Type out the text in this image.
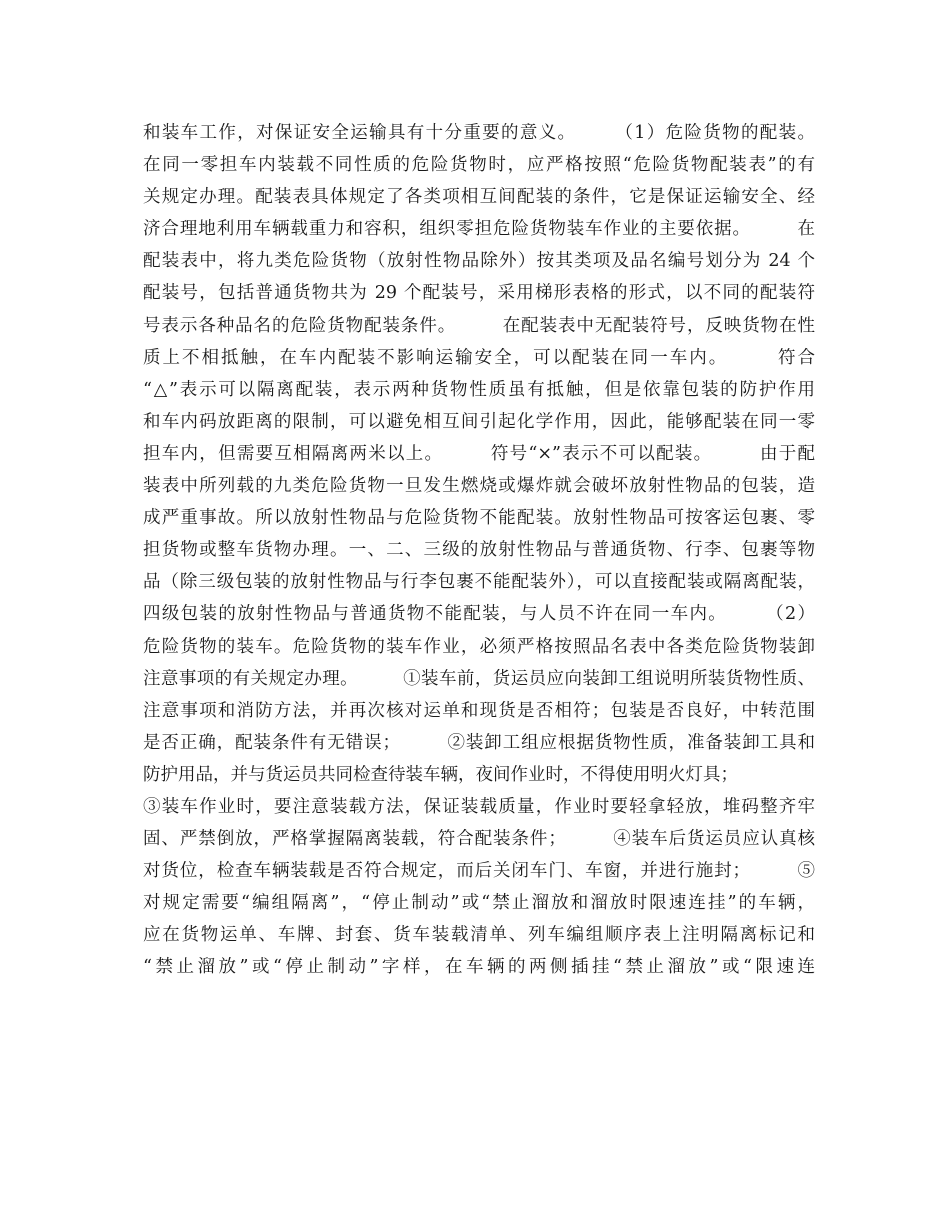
和装车工作，对保证安全运输具有十分重要的意义。　　　（1）危险货物的配装。
在同一零担车内装载不同性质的危险货物时，应严格按照“危险货物配装表”的有
关规定办理。配装表具体规定了各类项相互间配装的条件，它是保证运输安全、经
济合理地利用车辆载重力和容积，组织零担危险货物装车作业的主要依据。　　　在
配装表中，将九类危险货物（放射性物品除外）按其类项及品名编号划分为 24 个
配装号，包括普通货物共为 29 个配装号，采用梯形表格的形式，以不同的配装符
号表示各种品名的危险货物配装条件。　　　在配装表中无配装符号，反映货物在性
质上不相抵触，在车内配装不影响运输安全，可以配装在同一车内。　　　符合
“△”表示可以隔离配装，表示两种货物性质虽有抵触，但是依靠包装的防护作用
和车内码放距离的限制，可以避免相互间引起化学作用，因此，能够配装在同一零
担车内，但需要互相隔离两米以上。　　　符号“×”表示不可以配装。　　　由于配
装表中所列载的九类危险货物一旦发生燃烧或爆炸就会破坏放射性物品的包装，造
成严重事故。所以放射性物品与危险货物不能配装。放射性物品可按客运包裹、零
担货物或整车货物办理。一、二、三级的放射性物品与普通货物、行李、包裹等物
品（除三级包装的放射性物品与行李包裹不能配装外），可以直接配装或隔离配装，
四级包装的放射性物品与普通货物不能配装，与人员不许在同一车内。　　　（2）
危险货物的装车。危险货物的装车作业，必须严格按照品名表中各类危险货物装卸
注意事项的有关规定办理。　　　①装车前，货运员应向装卸工组说明所装货物性质、
注意事项和消防方法，并再次核对运单和现货是否相符；包装是否良好，中转范围
是否正确，配装条件有无错误；　　　②装卸工组应根据货物性质，准备装卸工具和
防护用品，并与货运员共同检查待装车辆，夜间作业时，不得使用明火灯具；
③装车作业时，要注意装载方法，保证装载质量，作业时要轻拿轻放，堆码整齐牢
固、严禁倒放，严格掌握隔离装载，符合配装条件；　　　④装车后货运员应认真核
对货位，检查车辆装载是否符合规定，而后关闭车门、车窗，并进行施封；　　　⑤
对规定需要“编组隔离”，“停止制动”或“禁止溜放和溜放时限速连挂”的车辆，
应在货物运单、车牌、封套、货车装载清单、列车编组顺序表上注明隔离标记和
“禁止溜放”或“停止制动”字样，在车辆的两侧插挂“禁止溜放”或“限速连
